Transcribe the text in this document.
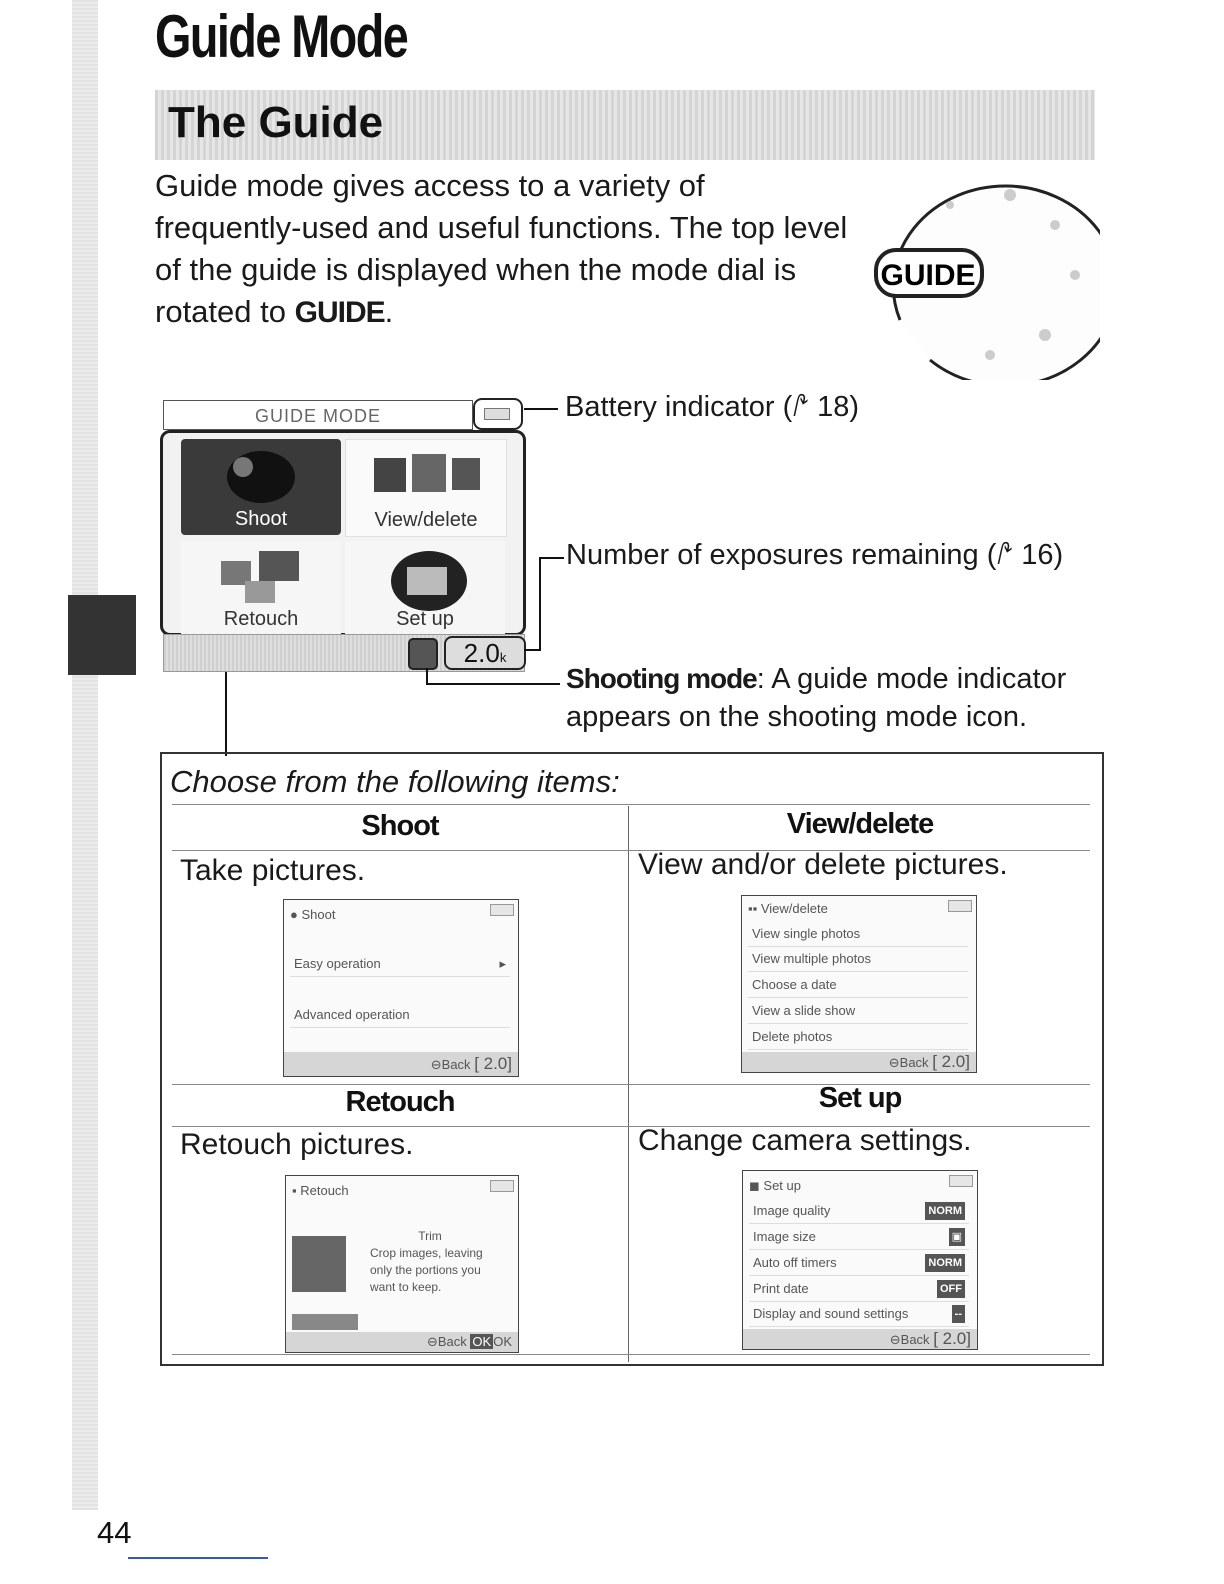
Guide Mode
The Guide

Guide mode gives access to a variety of frequently-used and useful functions. The top level of the guide is displayed when the mode dial is rotated to GUIDE.

GUIDE
GUIDE MODE
Shoot	View/delete
Retouch	Set up
2.0k

Battery indicator (⭚ 18)

Number of exposures remaining (⭚ 16)

Shooting mode: A guide mode indicator appears on the shooting mode icon.

Choose from the following items:

Shoot	View/delete

Take pictures.	View and/or delete pictures.

Retouch	Set up

Retouch pictures.	Change camera settings.

● Shoot
Easy operation	▸
Advanced operation
⊖Back [ 2.0]
▪▪ View/delete
View single photos
View multiple photos
Choose a date
View a slide show
Delete photos
⊖Back [ 2.0]
▪ Retouch
Trim
Crop images, leaving only the portions you want to keep.
⊖Back OK OK
◼ Set up
Image quality	NORM
Image size	▣
Auto off timers	NORM
Print date	OFF
Display and sound settings	--
⊖Back [ 2.0]

44
